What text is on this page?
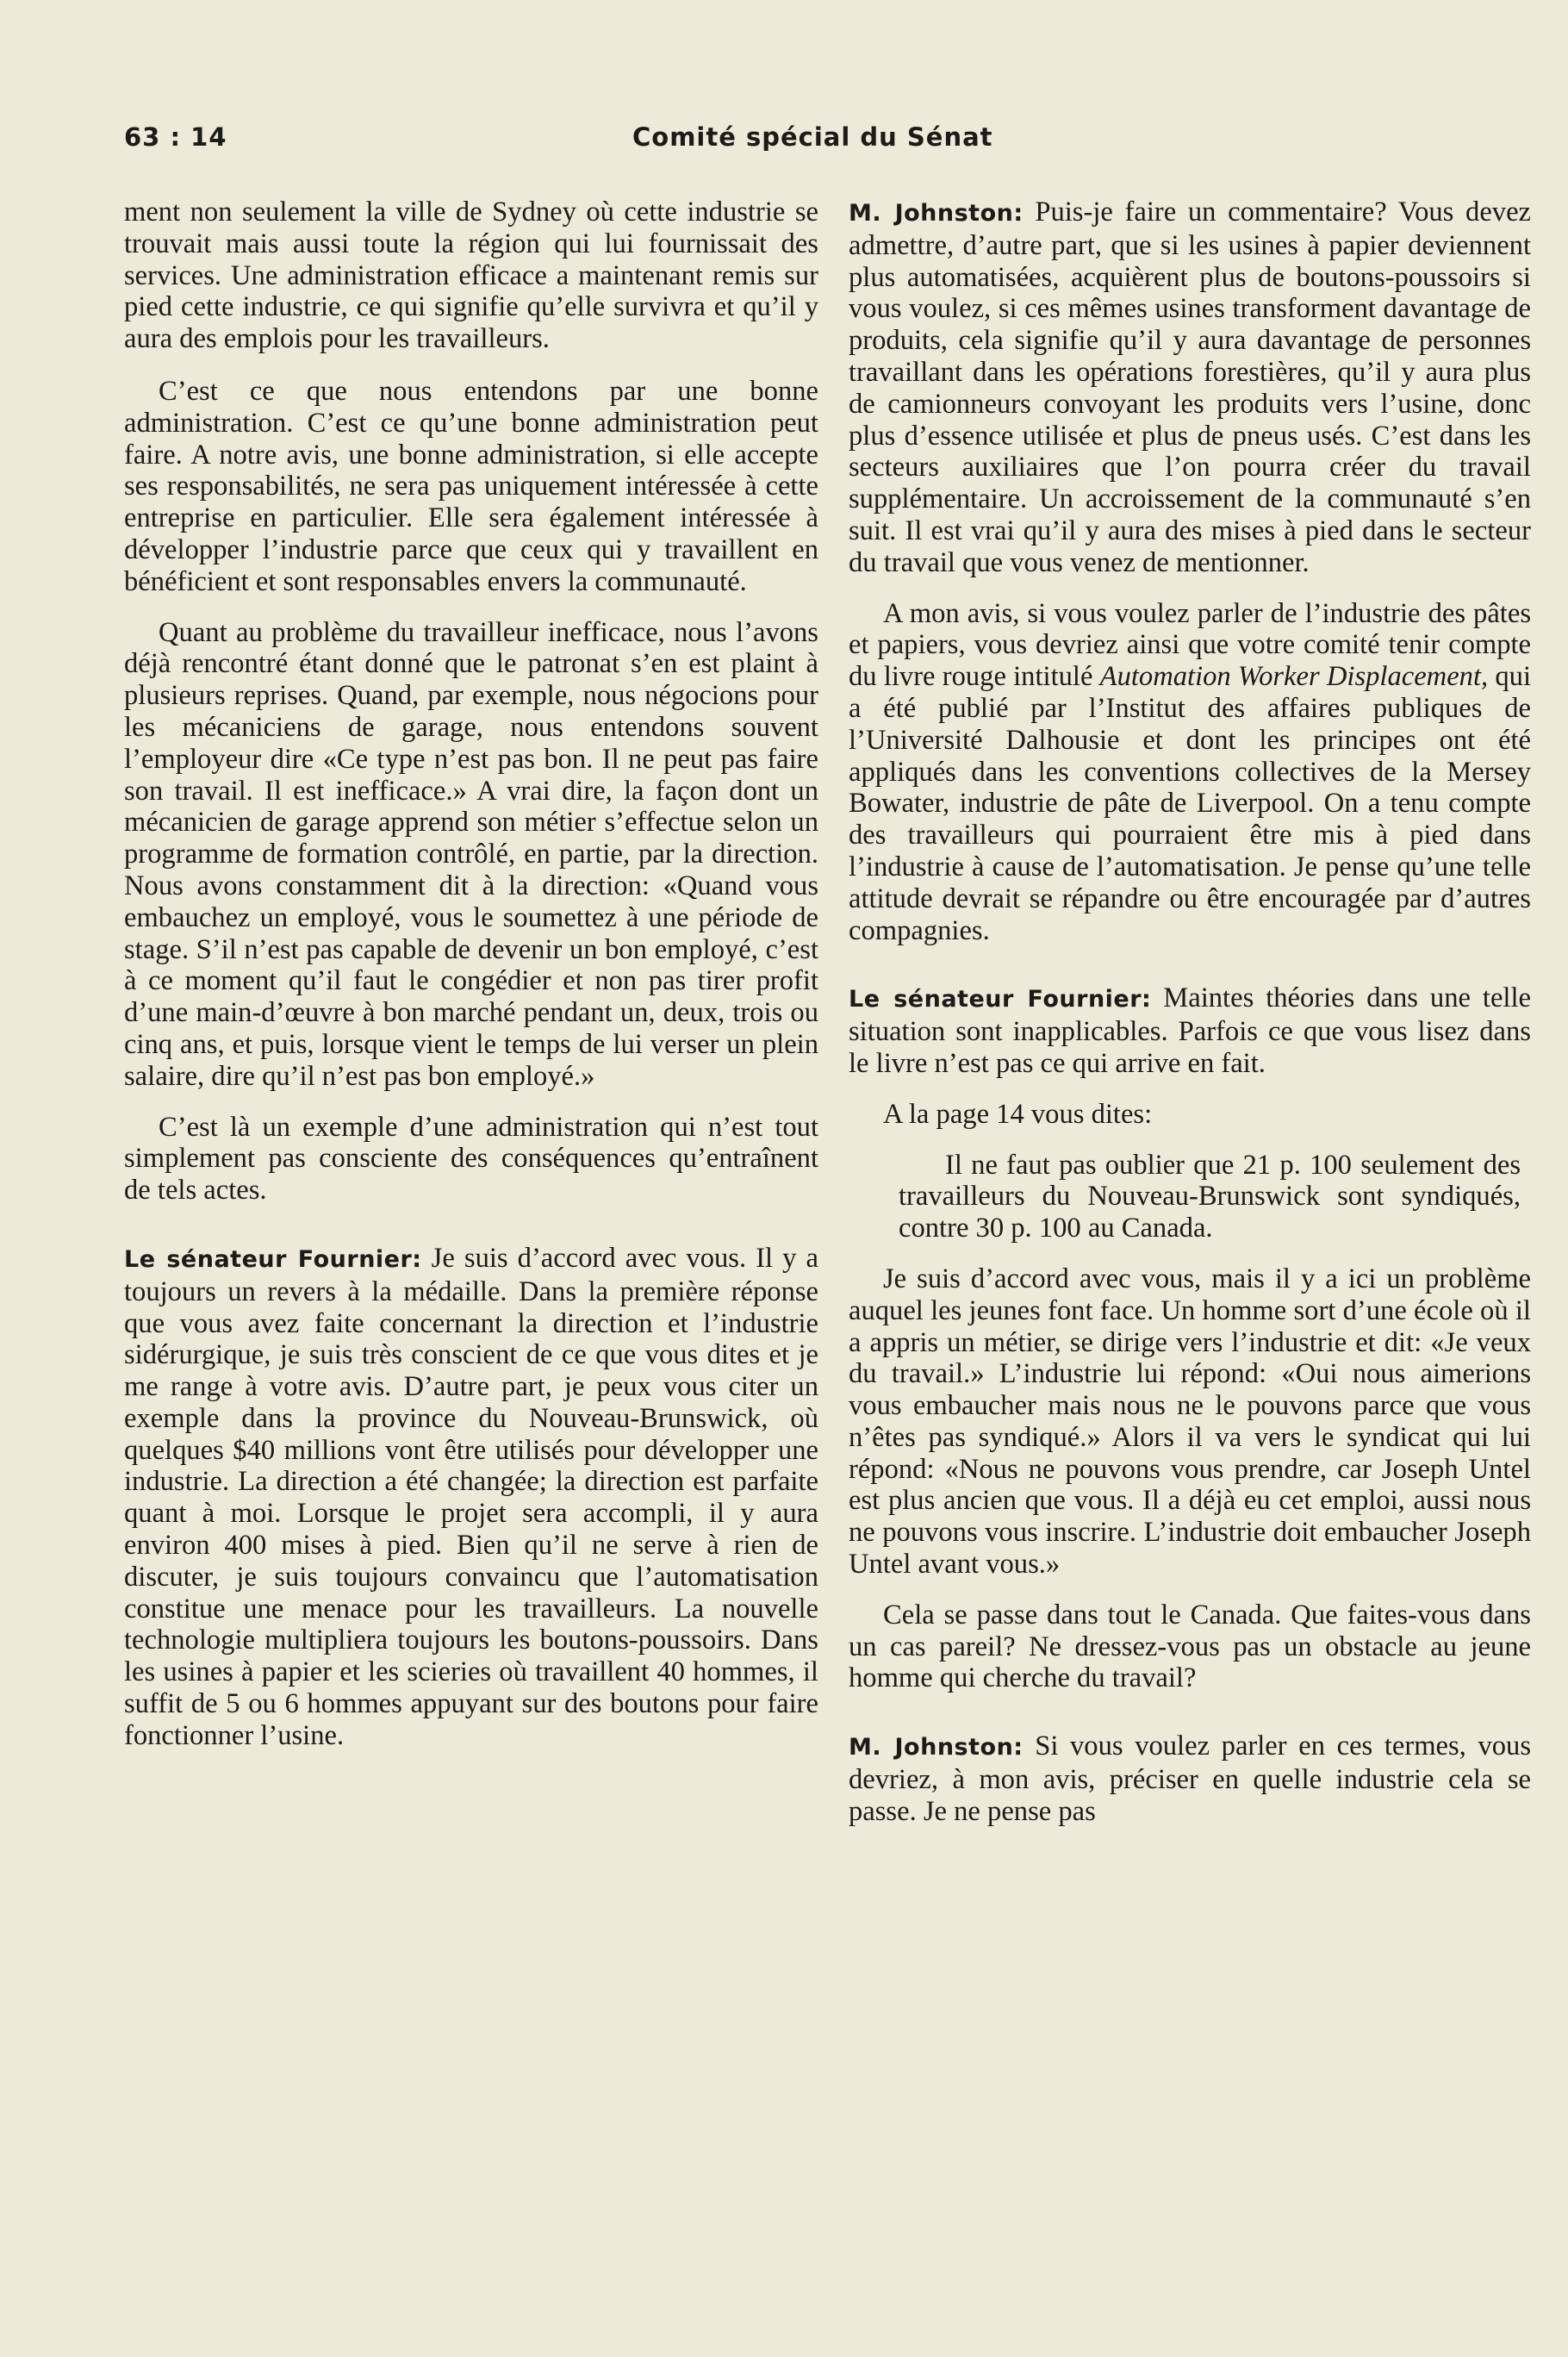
63 : 14	Comité spécial du Sénat

ment non seulement la ville de Sydney où cette industrie se trouvait mais aussi toute la région qui lui fournissait des services. Une administration efficace a maintenant remis sur pied cette industrie, ce qui signifie qu’elle survivra et qu’il y aura des emplois pour les travailleurs.

C’est ce que nous entendons par une bonne administration. C’est ce qu’une bonne administration peut faire. A notre avis, une bonne administration, si elle accepte ses responsabilités, ne sera pas uniquement intéressée à cette entreprise en particulier. Elle sera également intéressée à développer l’industrie parce que ceux qui y travaillent en bénéficient et sont responsables envers la communauté.

Quant au problème du travailleur inefficace, nous l’avons déjà rencontré étant donné que le patronat s’en est plaint à plusieurs reprises. Quand, par exemple, nous négocions pour les mécaniciens de garage, nous entendons souvent l’employeur dire «Ce type n’est pas bon. Il ne peut pas faire son travail. Il est inefficace.» A vrai dire, la façon dont un mécanicien de garage apprend son métier s’effectue selon un programme de formation contrôlé, en partie, par la direction. Nous avons constamment dit à la direction: «Quand vous embauchez un employé, vous le soumettez à une période de stage. S’il n’est pas capable de devenir un bon employé, c’est à ce moment qu’il faut le congédier et non pas tirer profit d’une main-d’œuvre à bon marché pendant un, deux, trois ou cinq ans, et puis, lorsque vient le temps de lui verser un plein salaire, dire qu’il n’est pas bon employé.»

C’est là un exemple d’une administration qui n’est tout simplement pas consciente des conséquences qu’entraînent de tels actes.

Le sénateur Fournier: Je suis d’accord avec vous. Il y a toujours un revers à la médaille. Dans la première réponse que vous avez faite concernant la direction et l’industrie sidérurgique, je suis très conscient de ce que vous dites et je me range à votre avis. D’autre part, je peux vous citer un exemple dans la province du Nouveau-Brunswick, où quelques $40 millions vont être utilisés pour développer une industrie. La direction a été changée; la direction est parfaite quant à moi. Lorsque le projet sera accompli, il y aura environ 400 mises à pied. Bien qu’il ne serve à rien de discuter, je suis toujours convaincu que l’automatisation constitue une menace pour les travailleurs. La nouvelle technologie multipliera toujours les boutons-poussoirs. Dans les usines à papier et les scieries où travaillent 40 hommes, il suffit de 5 ou 6 hommes appuyant sur des boutons pour faire fonctionner l’usine.

M. Johnston: Puis-je faire un commentaire? Vous devez admettre, d’autre part, que si les usines à papier deviennent plus automatisées, acquièrent plus de boutons-poussoirs si vous voulez, si ces mêmes usines transforment davantage de produits, cela signifie qu’il y aura davantage de personnes travaillant dans les opérations forestières, qu’il y aura plus de camionneurs convoyant les produits vers l’usine, donc plus d’essence utilisée et plus de pneus usés. C’est dans les secteurs auxiliaires que l’on pourra créer du travail supplémentaire. Un accroissement de la communauté s’en suit. Il est vrai qu’il y aura des mises à pied dans le secteur du travail que vous venez de mentionner.

A mon avis, si vous voulez parler de l’industrie des pâtes et papiers, vous devriez ainsi que votre comité tenir compte du livre rouge intitulé Automation Worker Displacement, qui a été publié par l’Institut des affaires publiques de l’Université Dalhousie et dont les principes ont été appliqués dans les conventions collectives de la Mersey Bowater, industrie de pâte de Liverpool. On a tenu compte des travailleurs qui pourraient être mis à pied dans l’industrie à cause de l’automatisation. Je pense qu’une telle attitude devrait se répandre ou être encouragée par d’autres compagnies.

Le sénateur Fournier: Maintes théories dans une telle situation sont inapplicables. Parfois ce que vous lisez dans le livre n’est pas ce qui arrive en fait.

A la page 14 vous dites:

Il ne faut pas oublier que 21 p. 100 seulement des travailleurs du Nouveau-Brunswick sont syndiqués, contre 30 p. 100 au Canada.

Je suis d’accord avec vous, mais il y a ici un problème auquel les jeunes font face. Un homme sort d’une école où il a appris un métier, se dirige vers l’industrie et dit: «Je veux du travail.» L’industrie lui répond: «Oui nous aimerions vous embaucher mais nous ne le pouvons parce que vous n’êtes pas syndiqué.» Alors il va vers le syndicat qui lui répond: «Nous ne pouvons vous prendre, car Joseph Untel est plus ancien que vous. Il a déjà eu cet emploi, aussi nous ne pouvons vous inscrire. L’industrie doit embaucher Joseph Untel avant vous.»

Cela se passe dans tout le Canada. Que faites-vous dans un cas pareil? Ne dressez-vous pas un obstacle au jeune homme qui cherche du travail?

M. Johnston: Si vous voulez parler en ces termes, vous devriez, à mon avis, préciser en quelle industrie cela se passe. Je ne pense pas
